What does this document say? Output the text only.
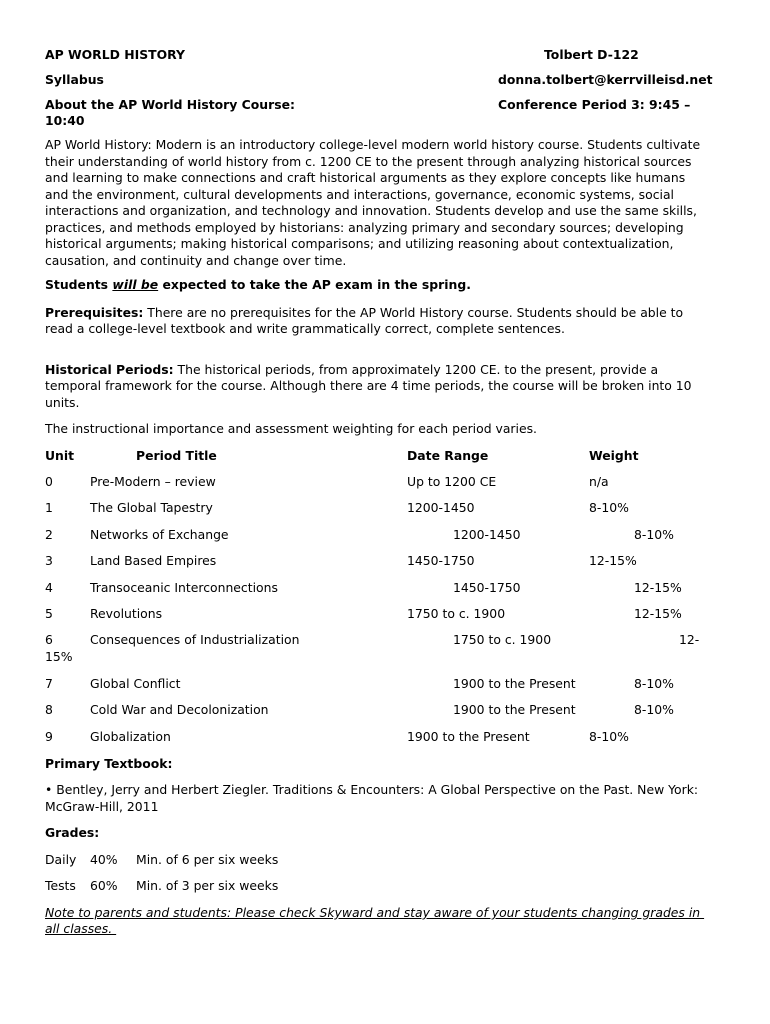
AP WORLD HISTORY	Tolbert D-122
Syllabus	donna.tolbert@kerrvilleisd.net
About the AP World History Course:	Conference Period 3: 9:45 –
10:40
AP World History: Modern is an introductory college-level modern world history course. Students cultivate
their understanding of world history from c. 1200 CE to the present through analyzing historical sources
and learning to make connections and craft historical arguments as they explore concepts like humans
and the environment, cultural developments and interactions, governance, economic systems, social
interactions and organization, and technology and innovation. Students develop and use the same skills,
practices, and methods employed by historians: analyzing primary and secondary sources; developing
historical arguments; making historical comparisons; and utilizing reasoning about contextualization,
causation, and continuity and change over time.
Students will be expected to take the AP exam in the spring.
Prerequisites: There are no prerequisites for the AP World History course. Students should be able to
read a college-level textbook and write grammatically correct, complete sentences.
Historical Periods: The historical periods, from approximately 1200 CE. to the present, provide a
temporal framework for the course. Although there are 4 time periods, the course will be broken into 10
units.
The instructional importance and assessment weighting for each period varies.
Unit	Period Title	Date Range	Weight
0	Pre-Modern – review	Up to 1200 CE	n/a
1	The Global Tapestry	1200-1450	8-10%
2	Networks of Exchange	1200-1450	8-10%
3	Land Based Empires	1450-1750	12-15%
4	Transoceanic Interconnections	1450-1750	12-15%
5	Revolutions	1750 to c. 1900	12-15%
6	Consequences of Industrialization	1750 to c. 1900	12-
15%
7	Global Conflict	1900 to the Present	8-10%
8	Cold War and Decolonization	1900 to the Present	8-10%
9	Globalization	1900 to the Present	8-10%
Primary Textbook:
• Bentley, Jerry and Herbert Ziegler. Traditions & Encounters: A Global Perspective on the Past. New York:
McGraw-Hill, 2011
Grades:
Daily 40% Min. of 6 per six weeks
Tests 60% Min. of 3 per six weeks
Note to parents and students: Please check Skyward and stay aware of your students changing grades in
all classes.
